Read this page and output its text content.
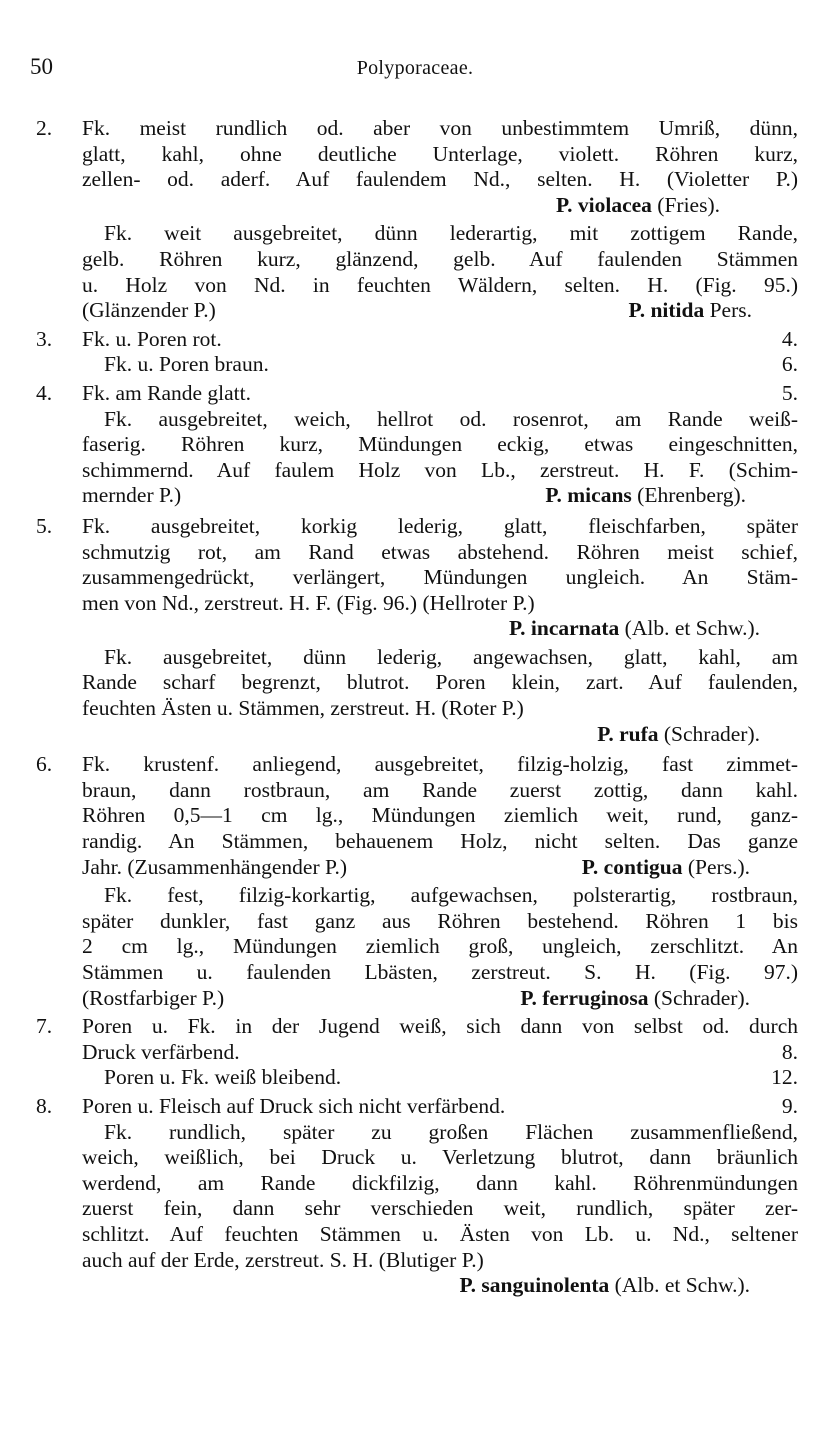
50	Polyporaceae.
2. Fk. meist rundlich od. aber von unbestimmtem Umriß, dünn,
glatt, kahl, ohne deutliche Unterlage, violett. Röhren kurz,
zellen- od. aderf. Auf faulendem Nd., selten. H. (Violetter P.)
P. violacea (Fries).
Fk. weit ausgebreitet, dünn lederartig, mit zottigem Rande,
gelb. Röhren kurz, glänzend, gelb. Auf faulenden Stämmen
u. Holz von Nd. in feuchten Wäldern, selten. H. (Fig. 95.)
(Glänzender P.)	P. nitida Pers.
3. Fk. u. Poren rot.	4.
Fk. u. Poren braun.	6.
4. Fk. am Rande glatt.	5.
Fk. ausgebreitet, weich, hellrot od. rosenrot, am Rande weiß-
faserig. Röhren kurz, Mündungen eckig, etwas eingeschnitten,
schimmernd. Auf faulem Holz von Lb., zerstreut. H. F. (Schim-
mernder P.)	P. micans (Ehrenberg).
5. Fk. ausgebreitet, korkig lederig, glatt, fleischfarben, später
schmutzig rot, am Rand etwas abstehend. Röhren meist schief,
zusammengedrückt, verlängert, Mündungen ungleich. An Stäm-
men von Nd., zerstreut. H. F. (Fig. 96.) (Hellroter P.)
P. incarnata (Alb. et Schw.).
Fk. ausgebreitet, dünn lederig, angewachsen, glatt, kahl, am
Rande scharf begrenzt, blutrot. Poren klein, zart. Auf faulenden,
feuchten Ästen u. Stämmen, zerstreut. H. (Roter P.)
P. rufa (Schrader).
6. Fk. krustenf. anliegend, ausgebreitet, filzig-holzig, fast zimmet-
braun, dann rostbraun, am Rande zuerst zottig, dann kahl.
Röhren 0,5—1 cm lg., Mündungen ziemlich weit, rund, ganz-
randig. An Stämmen, behauenem Holz, nicht selten. Das ganze
Jahr. (Zusammenhängender P.)	P. contigua (Pers.).
Fk. fest, filzig-korkartig, aufgewachsen, polsterartig, rostbraun,
später dunkler, fast ganz aus Röhren bestehend. Röhren 1 bis
2 cm lg., Mündungen ziemlich groß, ungleich, zerschlitzt. An
Stämmen u. faulenden Lbästen, zerstreut. S. H. (Fig. 97.)
(Rostfarbiger P.)	P. ferruginosa (Schrader).
7. Poren u. Fk. in der Jugend weiß, sich dann von selbst od. durch
Druck verfärbend.	8.
Poren u. Fk. weiß bleibend.	12.
8. Poren u. Fleisch auf Druck sich nicht verfärbend.	9.
Fk. rundlich, später zu großen Flächen zusammenfließend,
weich, weißlich, bei Druck u. Verletzung blutrot, dann bräunlich
werdend, am Rande dickfilzig, dann kahl. Röhrenmündungen
zuerst fein, dann sehr verschieden weit, rundlich, später zer-
schlitzt. Auf feuchten Stämmen u. Ästen von Lb. u. Nd., seltener
auch auf der Erde, zerstreut. S. H. (Blutiger P.)
P. sanguinolenta (Alb. et Schw.).
